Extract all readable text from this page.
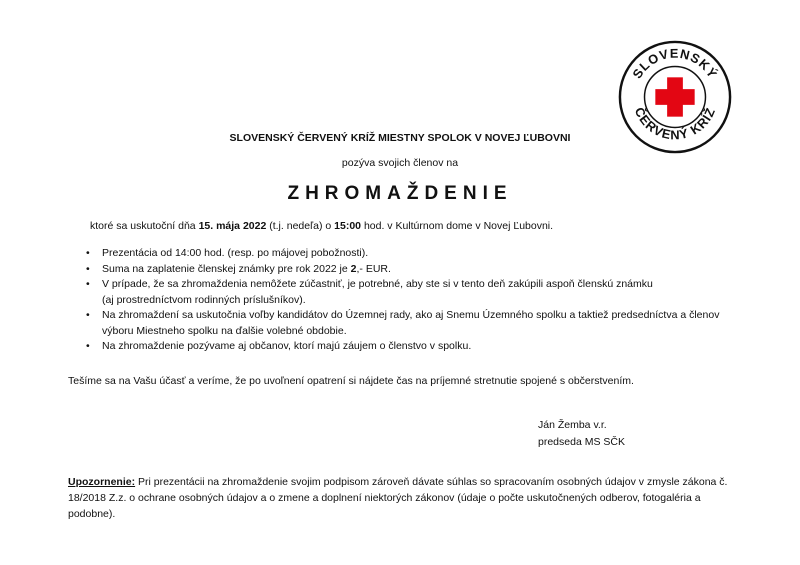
SLOVENSKÝ
ČERVENÝ KRÍŽ
SLOVENSKÝ ČERVENÝ KRÍŽ MIESTNY SPOLOK V NOVEJ ĽUBOVNI
pozýva svojich členov na
ZHROMAŽDENIE
ktoré sa uskutoční dňa 15. mája 2022 (t.j. nedeľa) o 15:00 hod. v Kultúrnom dome v Novej Ľubovni.
• Prezentácia od 14:00 hod. (resp. po májovej pobožnosti).
• Suma na zaplatenie členskej známky pre rok 2022 je 2,- EUR.
• V prípade, že sa zhromaždenia nemôžete zúčastniť, je potrebné, aby ste si v tento deň zakúpili aspoň členskú známku
(aj prostredníctvom rodinných príslušníkov).
• Na zhromaždení sa uskutočnia voľby kandidátov do Územnej rady, ako aj Snemu Územného spolku a taktiež predsedníctva a členov
výboru Miestneho spolku na ďalšie volebné obdobie.
• Na zhromaždenie pozývame aj občanov, ktorí majú záujem o členstvo v spolku.
Tešíme sa na Vašu účasť a veríme, že po uvoľnení opatrení si nájdete čas na príjemné stretnutie spojené s občerstvením.
Ján Žemba v.r.
predseda MS SČK
Upozornenie: Pri prezentácii na zhromaždenie svojim podpisom zároveň dávate súhlas so spracovaním osobných údajov v zmysle zákona č. 18/2018 Z.z. o ochrane osobných údajov a o zmene a doplnení niektorých zákonov (údaje o počte uskutočnených odberov, fotogaléria a podobne).
